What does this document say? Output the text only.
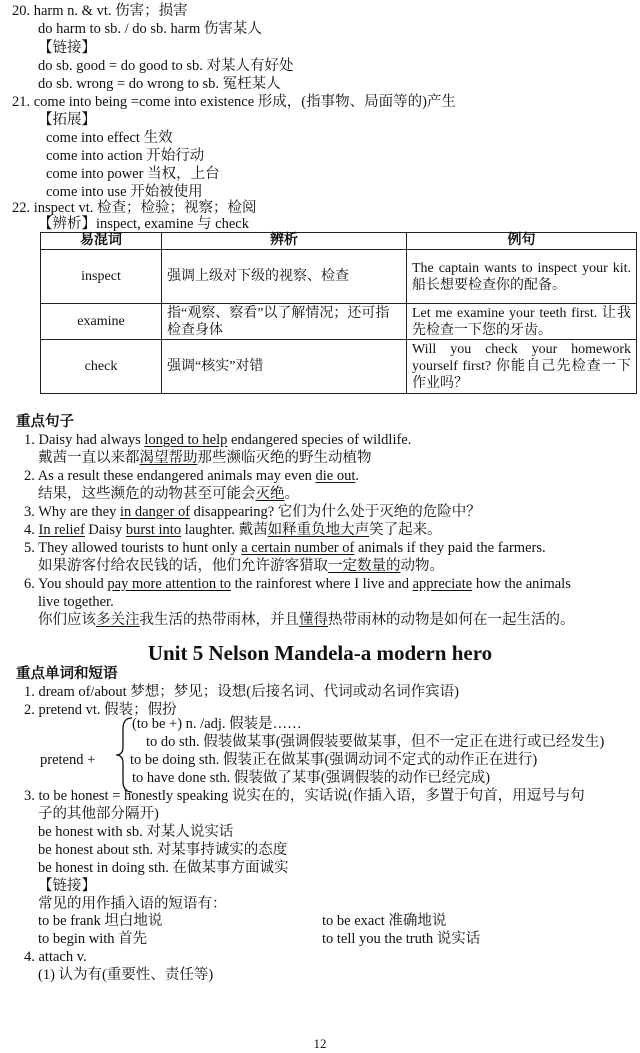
20. harm n. & vt. 伤害；损害
do harm to sb. / do sb. harm 伤害某人
【链接】
do sb. good = do good to sb. 对某人有好处
do sb. wrong = do wrong to sb. 冤枉某人
21. come into being =come into existence 形成，(指事物、局面等的)产生
【拓展】
come into effect 生效
come into action 开始行动
come into power 当权，上台
come into use 开始被使用
22. inspect vt. 检查；检验；视察；检阅
【辨析】inspect, examine 与 check
易混词	辨析	例句
inspect	强调上级对下级的视察、检查	The captain wants to inspect your kit. 船长想要检查你的配备。
examine	指“观察、察看”以了解情况；还可指检查身体	Let me examine your teeth first. 让我先检查一下您的牙齿。
check	强调“核实”对错	Will you check your homework yourself first? 你能自己先检查一下作业吗？
重点句子
1. Daisy had always longed to help endangered species of wildlife.
戴茜一直以来都渴望帮助那些濒临灭绝的野生动植物
2. As a result these endangered animals may even die out.
结果，这些濒危的动物甚至可能会灭绝。
3. Why are they in danger of disappearing? 它们为什么处于灭绝的危险中？
4. In relief Daisy burst into laughter. 戴茜如释重负地大声笑了起来。
5. They allowed tourists to hunt only a certain number of animals if they paid the farmers.
如果游客付给农民钱的话，他们允许游客猎取一定数量的动物。
6. You should pay more attention to the rainforest where I live and appreciate how the animals
live together.
你们应该多关注我生活的热带雨林，并且懂得热带雨林的动物是如何在一起生活的。
Unit 5 Nelson Mandela-a modern hero
重点单词和短语
1. dream of/about 梦想；梦见；设想(后接名词、代词或动名词作宾语)
2. pretend vt. 假装；假扮
pretend +
(to be +) n. /adj. 假装是……
to do sth. 假装做某事(强调假装要做某事，但不一定正在进行或已经发生)
to be doing sth. 假装正在做某事(强调动词不定式的动作正在进行)
to have done sth. 假装做了某事(强调假装的动作已经完成)
3. to be honest = honestly speaking 说实在的，实话说(作插入语，多置于句首，用逗号与句
子的其他部分隔开)
be honest with sb. 对某人说实话
be honest about sth. 对某事持诚实的态度
be honest in doing sth. 在做某事方面诚实
【链接】
常见的用作插入语的短语有：
to be frank 坦白地说	to be exact 准确地说
to begin with 首先	to tell you the truth 说实话
4. attach v.
(1) 认为有(重要性、责任等)
12
